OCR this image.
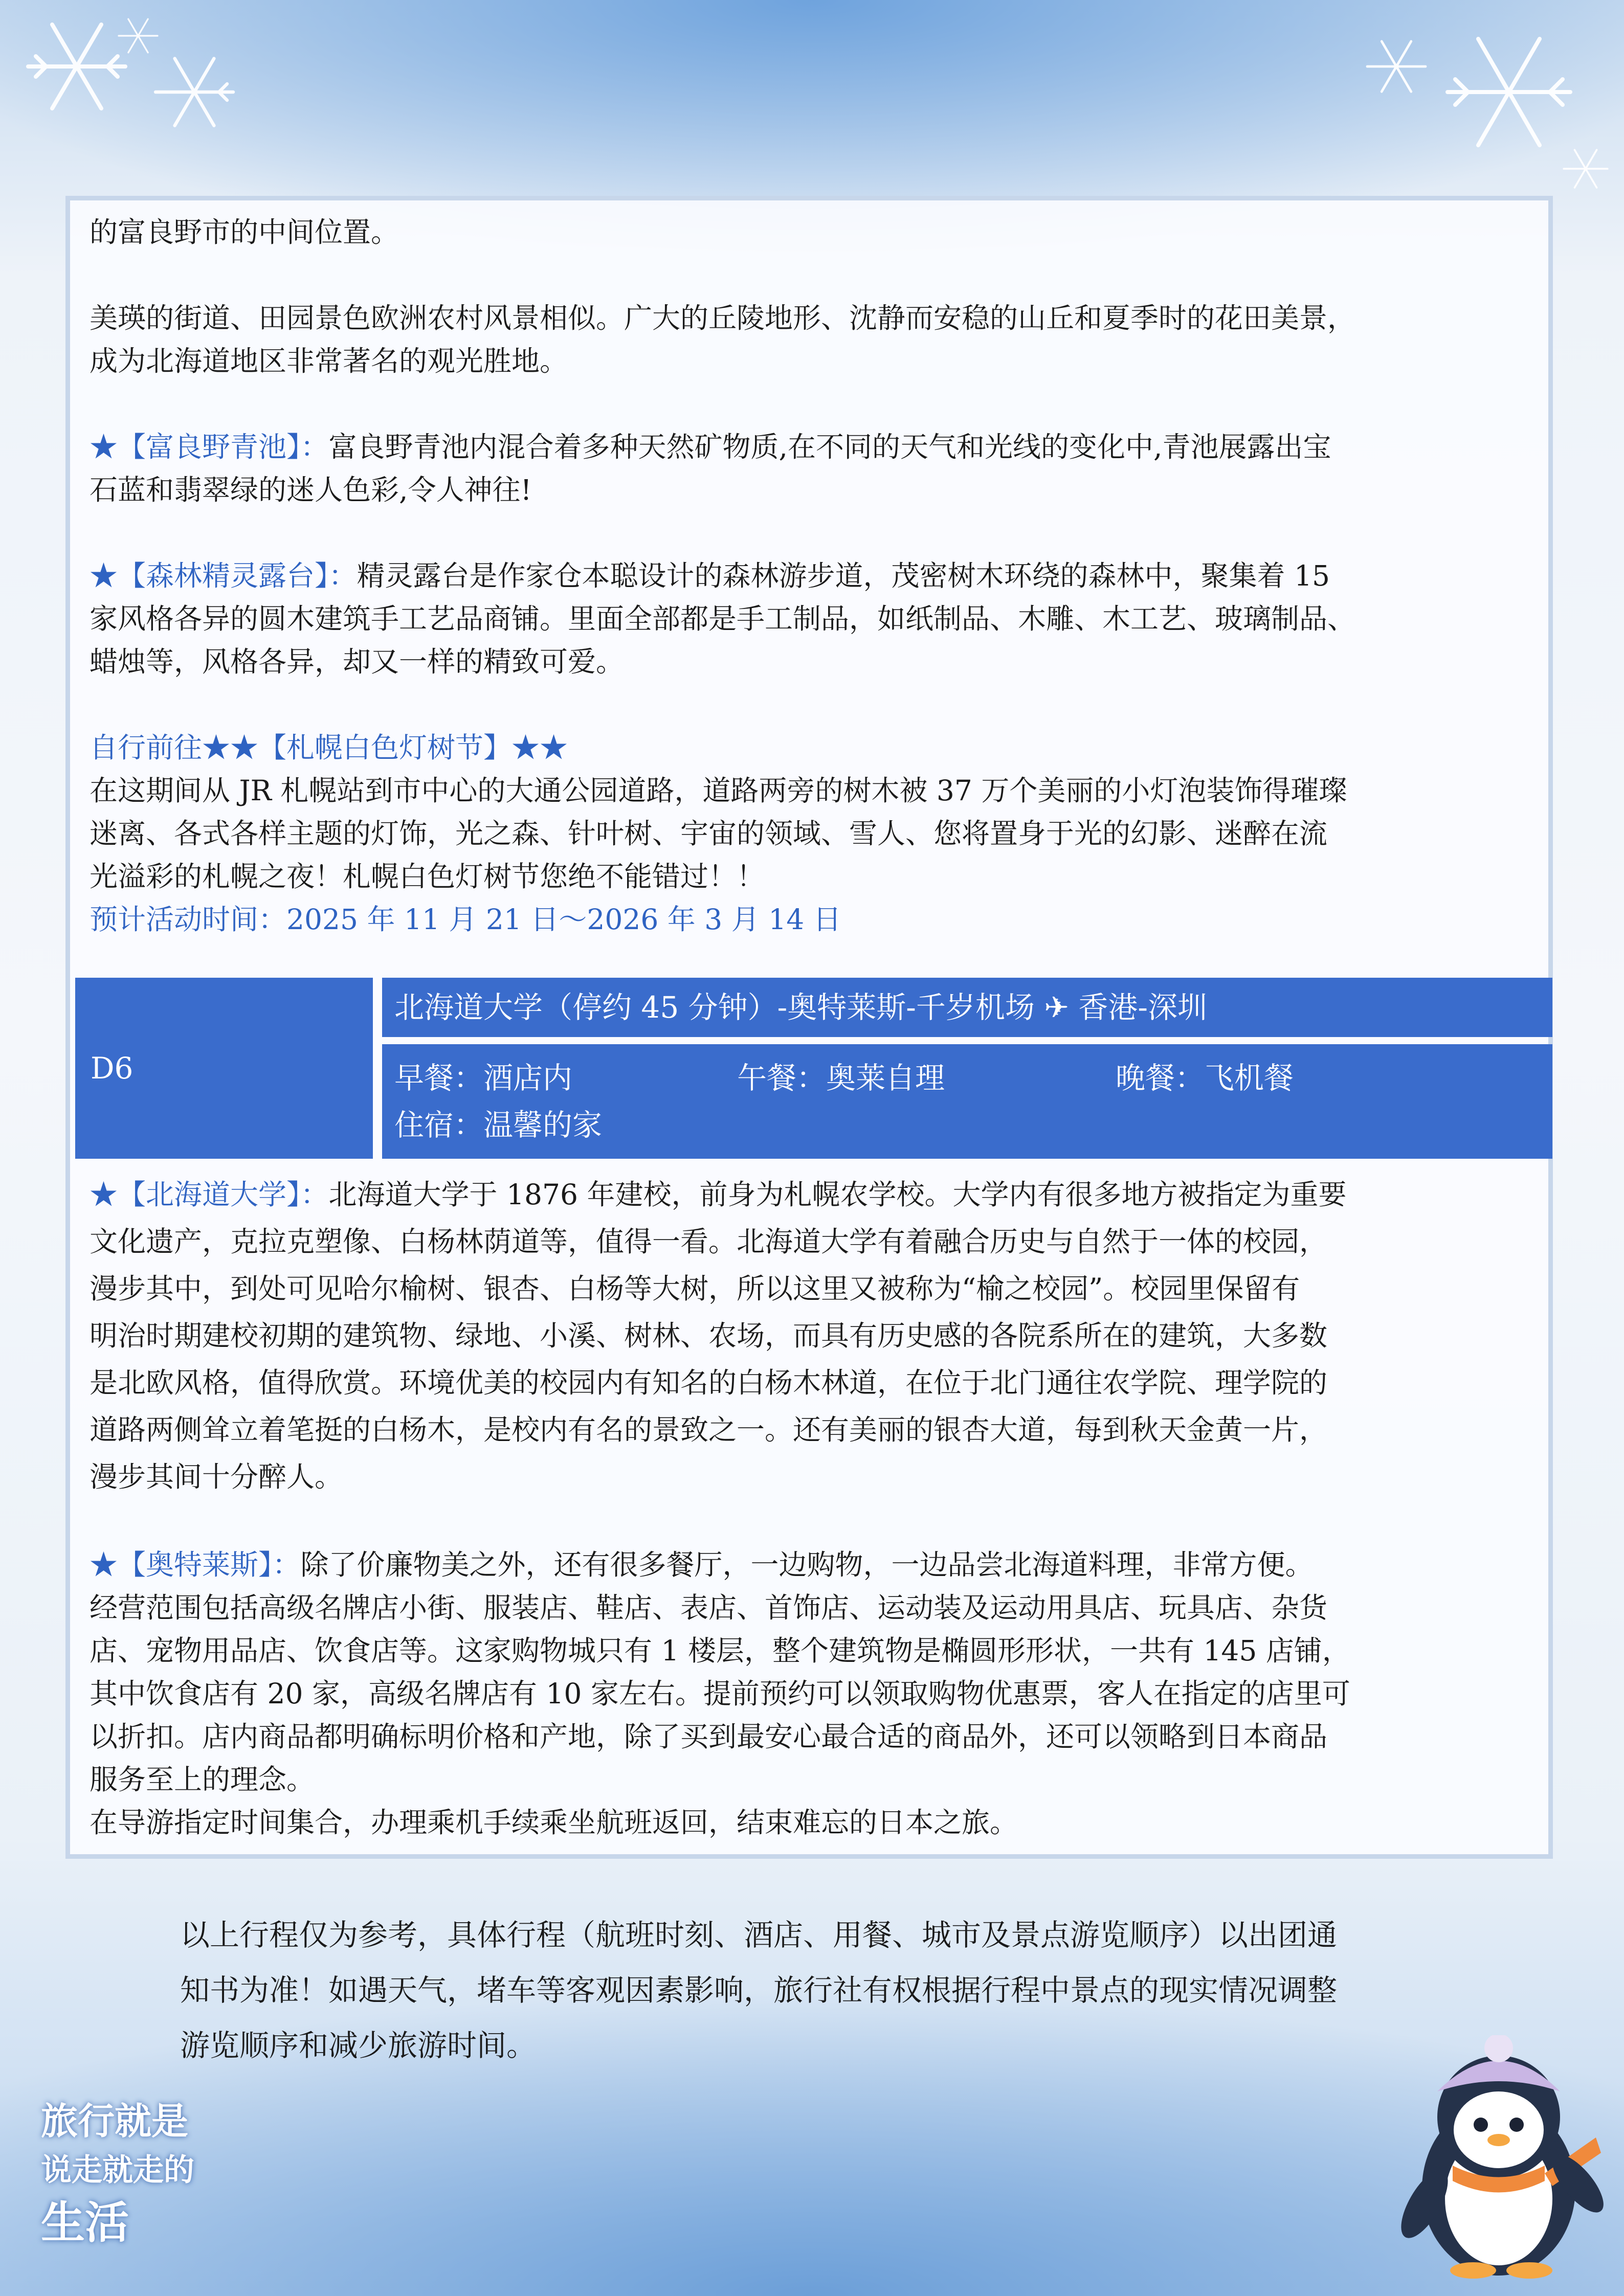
的富良野市的中间位置。

美瑛的街道、田园景色欧洲农村风景相似。广大的丘陵地形、沈静而安稳的山丘和夏季时的花田美景，

成为北海道地区非常著名的观光胜地。

★【富良野青池】：富良野青池内混合着多种天然矿物质,在不同的天气和光线的变化中,青池展露出宝

石蓝和翡翠绿的迷人色彩,令人神往!

★【森林精灵露台】：精灵露台是作家仓本聪设计的森林游步道，茂密树木环绕的森林中，聚集着 15

家风格各异的圆木建筑手工艺品商铺。里面全部都是手工制品，如纸制品、木雕、木工艺、玻璃制品、

蜡烛等，风格各异，却又一样的精致可爱。

自行前往★★【札幌白色灯树节】★★

在这期间从 JR 札幌站到市中心的大通公园道路，道路两旁的树木被 37 万个美丽的小灯泡装饰得璀璨

迷离、各式各样主题的灯饰，光之森、针叶树、宇宙的领域、雪人、您将置身于光的幻影、迷醉在流

光溢彩的札幌之夜！札幌白色灯树节您绝不能错过！！

预计活动时间：2025 年 11 月 21 日～2026 年 3 月 14 日

D6
北海道大学（停约 45 分钟）-奥特莱斯-千岁机场 ✈ 香港-深圳
早餐：酒店内	午餐：奥莱自理	晚餐：飞机餐
住宿：温馨的家

★【北海道大学】：北海道大学于 1876 年建校，前身为札幌农学校。大学内有很多地方被指定为重要

文化遗产，克拉克塑像、白杨林荫道等，值得一看。北海道大学有着融合历史与自然于一体的校园，

漫步其中，到处可见哈尔榆树、银杏、白杨等大树，所以这里又被称为“榆之校园”。校园里保留有

明治时期建校初期的建筑物、绿地、小溪、树林、农场，而具有历史感的各院系所在的建筑，大多数

是北欧风格，值得欣赏。环境优美的校园内有知名的白杨木林道，在位于北门通往农学院、理学院的

道路两侧耸立着笔挺的白杨木，是校内有名的景致之一。还有美丽的银杏大道，每到秋天金黄一片，

漫步其间十分醉人。

★【奥特莱斯】：除了价廉物美之外，还有很多餐厅，一边购物，一边品尝北海道料理，非常方便。

经营范围包括高级名牌店小街、服装店、鞋店、表店、首饰店、运动装及运动用具店、玩具店、杂货

店、宠物用品店、饮食店等。这家购物城只有 1 楼层，整个建筑物是椭圆形形状，一共有 145 店铺，

其中饮食店有 20 家，高级名牌店有 10 家左右。提前预约可以领取购物优惠票，客人在指定的店里可

以折扣。店内商品都明确标明价格和产地，除了买到最安心最合适的商品外，还可以领略到日本商品

服务至上的理念。

在导游指定时间集合，办理乘机手续乘坐航班返回，结束难忘的日本之旅。

以上行程仅为参考，具体行程（航班时刻、酒店、用餐、城市及景点游览顺序）以出团通
知书为准！如遇天气，堵车等客观因素影响，旅行社有权根据行程中景点的现实情况调整
游览顺序和减少旅游时间。
旅行就是
说走就走的
生活
